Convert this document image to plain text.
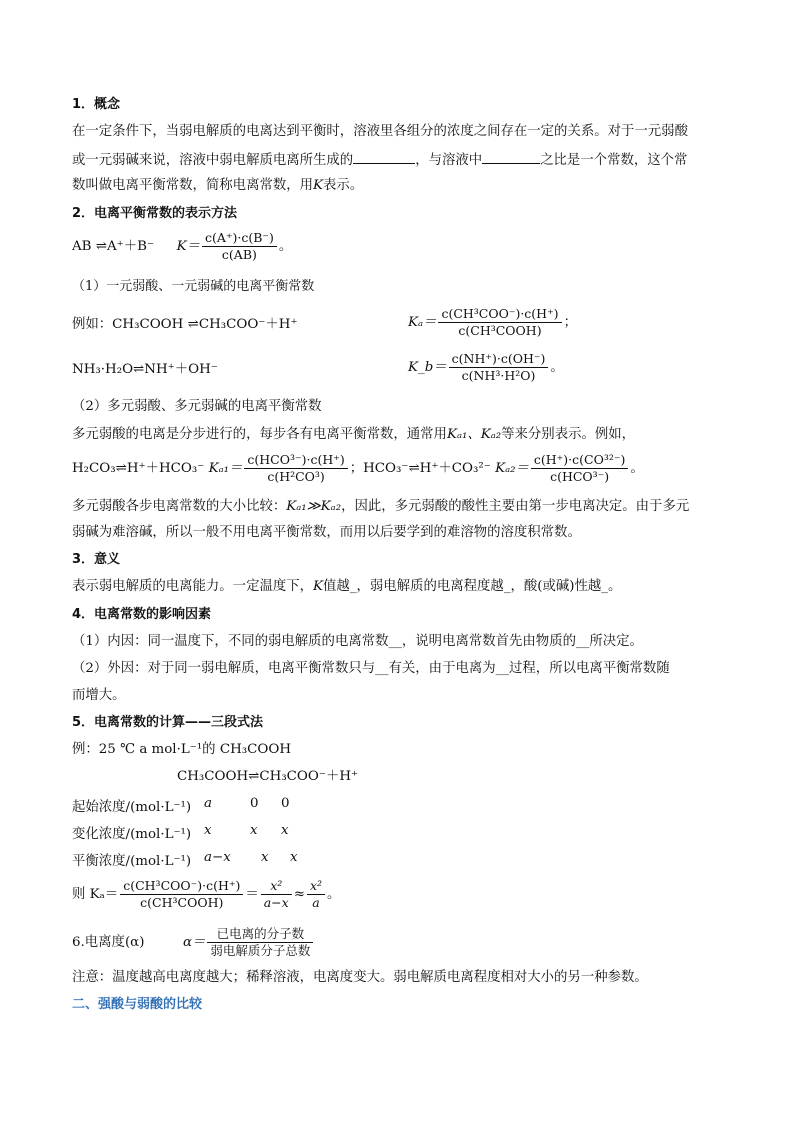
1．概念
在一定条件下，当弱电解质的电离达到平衡时，溶液里各组分的浓度之间存在一定的关系。对于一元弱酸
或一元弱碱来说，溶液中弱电解质电离所生成的	，与溶液中	之比是一个常数，这个常
数叫做电离平衡常数，简称电离常数，用K表示。
2．电离平衡常数的表示方法
AB ⇌A⁺＋B⁻ $K= \frac{c(A^+)\cdot c(B^-)}{c(AB)}$ 。
（1）一元弱酸、一元弱碱的电离平衡常数
例如：CH₃COOH ⇌CH₃COO⁻＋H⁺	$K_a= \frac{\text{c(CH³COO⁻)·c(H⁺)}}{\text{c(CH³COOH)}}$ ；
NH₃·H₂O⇌NH⁺＋OH⁻	K_b＝ $\frac{c(NH^+)\cdot c(OH^-)}{\text{c(NH³·H²O)}}$ 。
（2）多元弱酸、多元弱碱的电离平衡常数
多元弱酸的电离是分步进行的，每步各有电离平衡常数，通常用Kₐ₁、Kₐ₂等来分别表示。例如，
H₂CO₃⇌H⁺＋HCO₃⁻ $K_{a1}= \frac{\text{c(HCO³⁻)·c(H⁺)}}{\text{c(H²CO³)}}$ ；HCO₃⁻⇌H⁺＋CO₃²⁻ $K_{a2}= \frac{\text{c(H⁺)·c(CO³²⁻)}}{\text{c(HCO³⁻)}}$ 。
多元弱酸各步电离常数的大小比较：Kₐ₁≫Kₐ₂，因此，多元弱酸的酸性主要由第一步电离决定。由于多元
弱碱为难溶碱，所以一般不用电离平衡常数，而用以后要学到的难溶物的溶度积常数。
3．意义
表示弱电解质的电离能力。一定温度下，K值越_，弱电解质的电离程度越_，酸(或碱)性越_。
4．电离常数的影响因素
（1）内因：同一温度下，不同的弱电解质的电离常数__，说明电离常数首先由物质的__所决定。
（2）外因：对于同一弱电解质，电离平衡常数只与__有关，由于电离为__过程，所以电离平衡常数随
而增大。
5．电离常数的计算——三段式法
例：25 ℃ a mol·L⁻¹的 CH₃COOH
CH₃COOH⇌CH₃COO⁻＋H⁺
起始浓度/(mol·L⁻¹) a	0 0
变化浓度/(mol·L⁻¹) x	x x
平衡浓度/(mol·L⁻¹) a−x x x
则 $K_a= \frac{\text{c(CH³COO⁻)·c(H⁺)}}{\text{c(CH³COOH)}} = \frac{\text{x²}}{a-x} \approx \frac{\text{x²}}{a}$ 。
6.电离度(α)	$\alpha= \frac{\text{已电离的分子数}}{\text{弱电解质分子总数}}$
注意：温度越高电离度越大；稀释溶液，电离度变大。弱电解质电离程度相对大小的另一种参数。
二、强酸与弱酸的比较
